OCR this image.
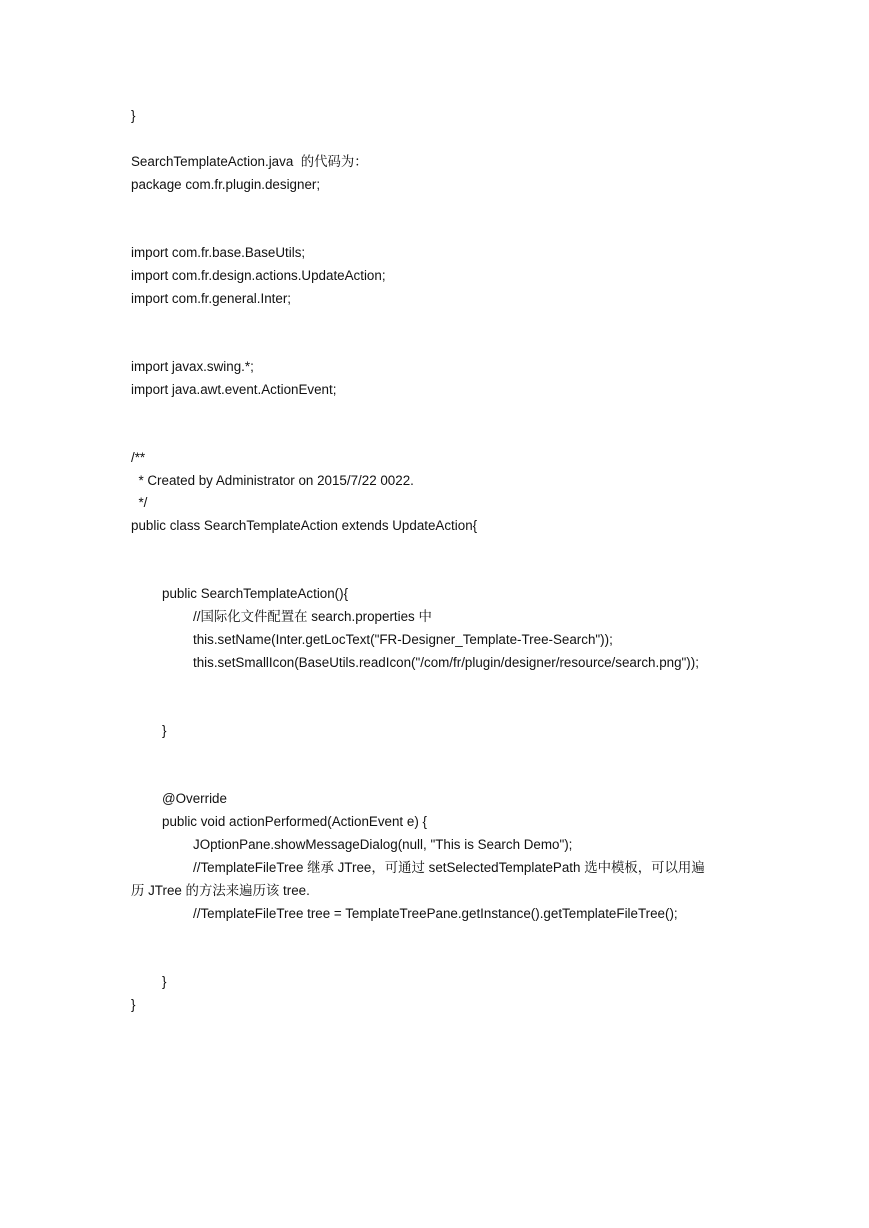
}

SearchTemplateAction.java  的代码为：

package com.fr.plugin.designer;

import com.fr.base.BaseUtils;

import com.fr.design.actions.UpdateAction;

import com.fr.general.Inter;

import javax.swing.*;

import java.awt.event.ActionEvent;

/**

* Created by Administrator on 2015/7/22 0022.

*/

public class SearchTemplateAction extends UpdateAction{

public SearchTemplateAction(){

//国际化文件配置在 search.properties 中

this.setName(Inter.getLocText("FR-Designer_Template-Tree-Search"));

this.setSmallIcon(BaseUtils.readIcon("/com/fr/plugin/designer/resource/search.png"));

}

@Override

public void actionPerformed(ActionEvent e) {

JOptionPane.showMessageDialog(null, "This is Search Demo");

//TemplateFileTree 继承 JTree，可通过 setSelectedTemplatePath 选中模板，可以用遍

历 JTree 的方法来遍历该 tree.

//TemplateFileTree tree = TemplateTreePane.getInstance().getTemplateFileTree();

}

}
